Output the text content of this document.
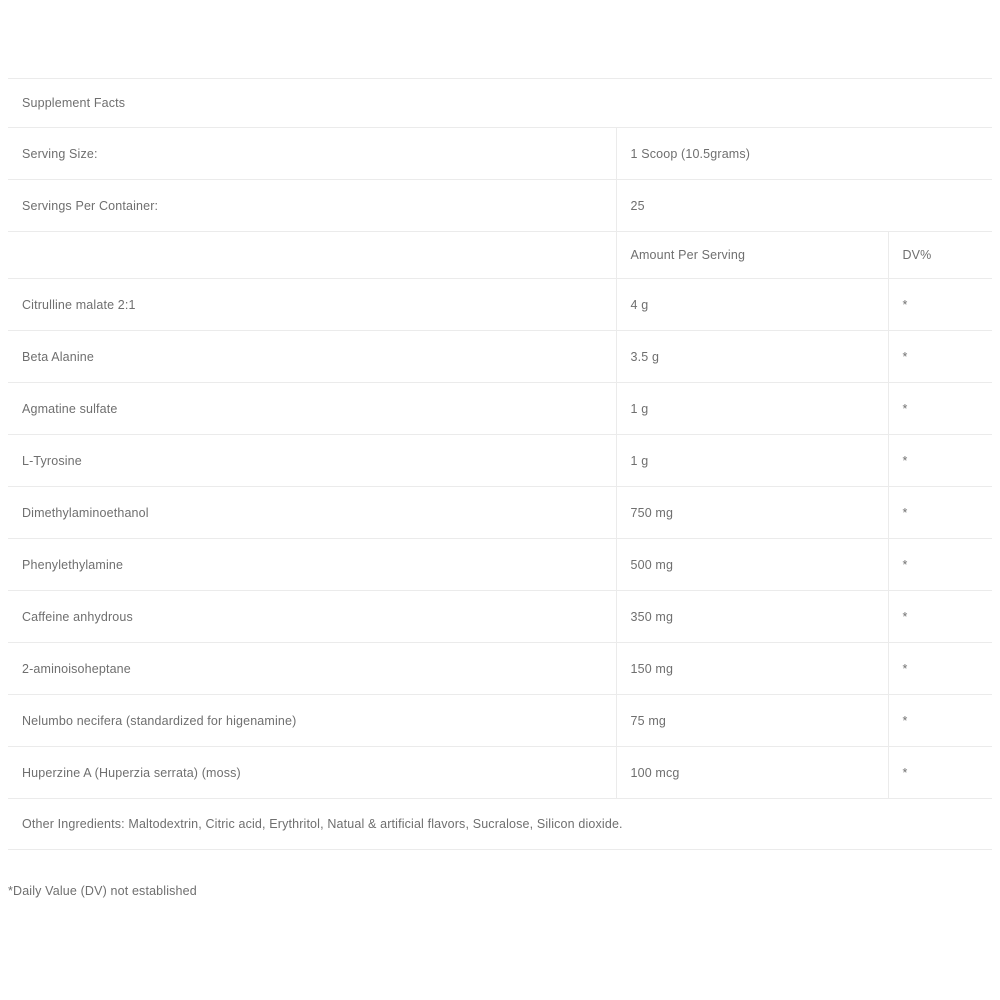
Supplement Facts		
Serving Size:	1 Scoop (10.5grams)	
Servings Per Container:	25	
	Amount Per Serving	DV%
Citrulline malate 2:1	4 g	*
Beta Alanine	3.5 g	*
Agmatine sulfate	1 g	*
L-Tyrosine	1 g	*
Dimethylaminoethanol	750 mg	*
Phenylethylamine	500 mg	*
Caffeine anhydrous	350 mg	*
2-aminoisoheptane	150 mg	*
Nelumbo necifera (standardized for higenamine)	75 mg	*
Huperzine A (Huperzia serrata) (moss)	100 mcg	*
Other Ingredients: Maltodextrin, Citric acid, Erythritol, Natual & artificial flavors, Sucralose, Silicon dioxide.		
*Daily Value (DV) not established
